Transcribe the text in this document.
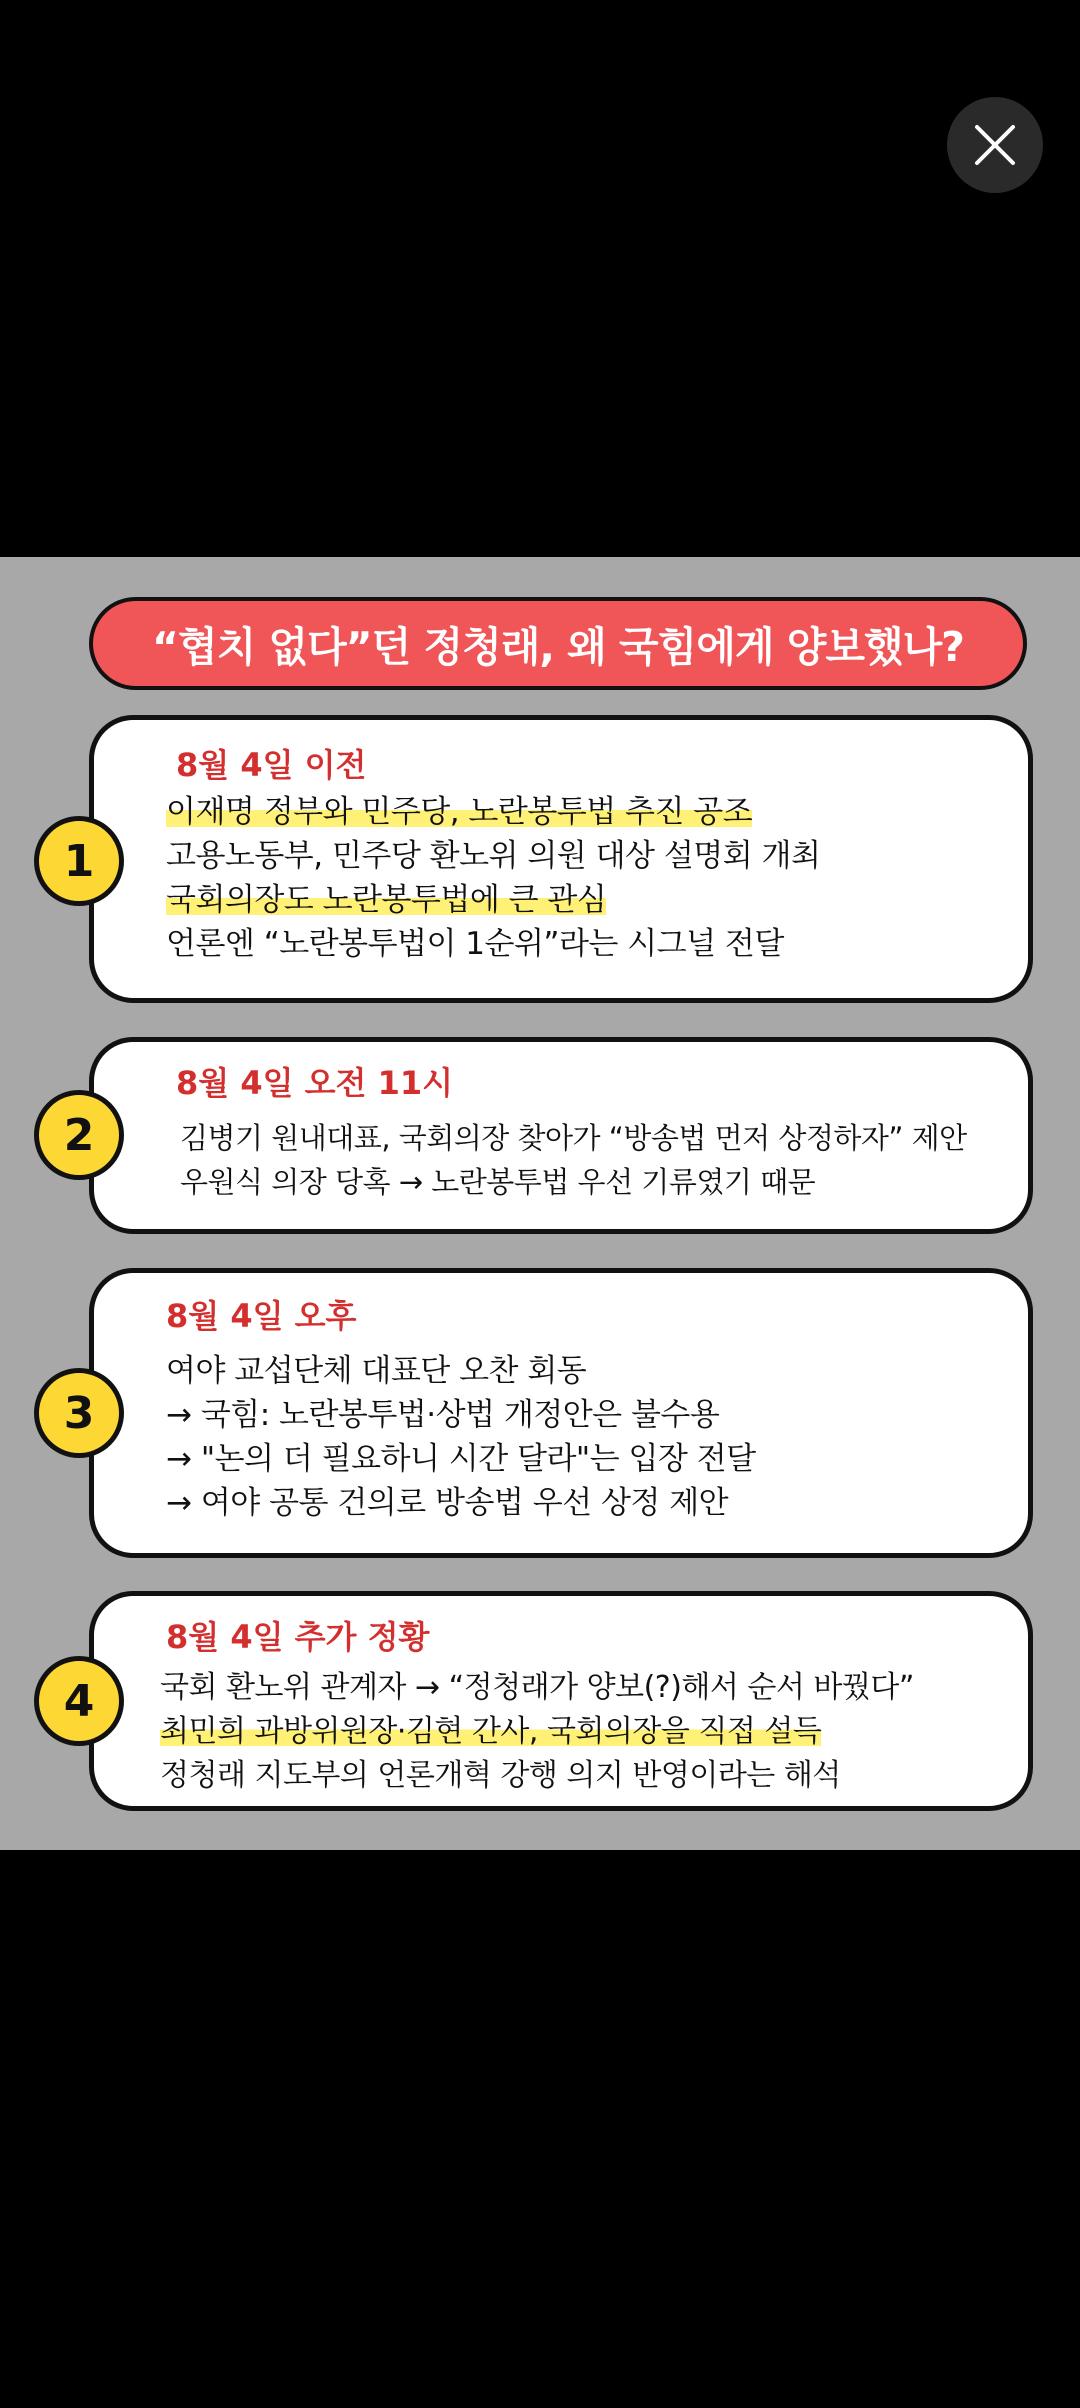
“협치 없다”던 정청래, 왜 국힘에게 양보했나?
1
8월 4일 이전
이재명 정부와 민주당, 노란봉투법 추진 공조
고용노동부, 민주당 환노위 의원 대상 설명회 개최
국회의장도 노란봉투법에 큰 관심
언론엔 “노란봉투법이 1순위”라는 시그널 전달
2
8월 4일 오전 11시
김병기 원내대표, 국회의장 찾아가 “방송법 먼저 상정하자” 제안
우원식 의장 당혹 → 노란봉투법 우선 기류였기 때문
3
8월 4일 오후
여야 교섭단체 대표단 오찬 회동
→ 국힘: 노란봉투법·상법 개정안은 불수용
→ "논의 더 필요하니 시간 달라"는 입장 전달
→ 여야 공통 건의로 방송법 우선 상정 제안
4
8월 4일 추가 정황
국회 환노위 관계자 → “정청래가 양보(?)해서 순서 바꿨다”
최민희 과방위원장·김현 간사, 국회의장을 직접 설득
정청래 지도부의 언론개혁 강행 의지 반영이라는 해석
